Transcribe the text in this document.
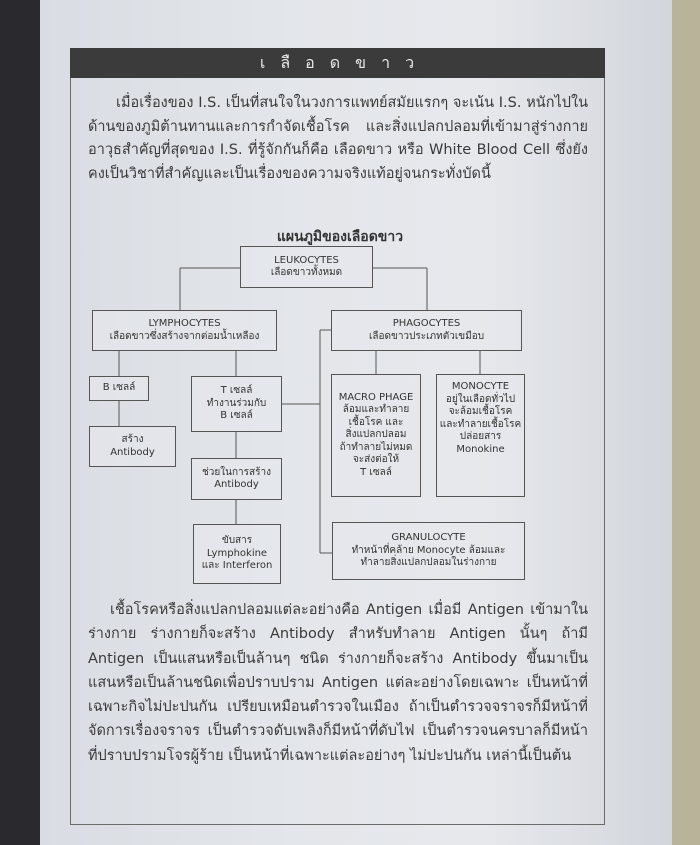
เลือดขาว
เมื่อเรื่องของ I.S. เป็นที่สนใจในวงการแพทย์สมัยแรกๆ จะเน้น I.S. หนักไปในด้านของภูมิต้านทานและการกำจัดเชื้อโรค และสิ่งแปลกปลอมที่เข้ามาสู่ร่างกาย อาวุธสำคัญที่สุดของ I.S. ที่รู้จักกันก็คือ เลือดขาว หรือ White Blood Cell ซึ่งยังคงเป็นวิชาที่สำคัญและเป็นเรื่องของความจริงแท้อยู่จนกระทั่งบัดนี้
แผนภูมิของเลือดขาว
LEUKOCYTES
เลือดขาวทั้งหมด
LYMPHOCYTES
เลือดขาวซึ่งสร้างจากต่อมน้ำเหลือง
PHAGOCYTES
เลือดขาวประเภทตัวเขมือบ
B เซลล์
สร้าง
Antibody
T เซลล์
ทำงานร่วมกับ
B เซลล์
ช่วยในการสร้าง
Antibody
ขับสาร
Lymphokine
และ Interferon
MACRO PHAGE
ล้อมและทำลาย
เชื้อโรค และ
สิ่งแปลกปลอม
ถ้าทำลายไม่หมด
จะส่งต่อให้
T เซลล์
MONOCYTE
อยู่ในเลือดทั่วไป
จะล้อมเชื้อโรค
และทำลายเชื้อโรค
ปล่อยสาร
Monokine
GRANULOCYTE
ทำหน้าที่คล้าย Monocyte ล้อมและ
ทำลายสิ่งแปลกปลอมในร่างกาย
เชื้อโรคหรือสิ่งแปลกปลอมแต่ละอย่างคือ Antigen เมื่อมี Antigen เข้ามาในร่างกาย ร่างกายก็จะสร้าง Antibody สำหรับทำลาย Antigen นั้นๆ ถ้ามี Antigen เป็นแสนหรือเป็นล้านๆ ชนิด ร่างกายก็จะสร้าง Antibody ขึ้นมาเป็นแสนหรือเป็นล้านชนิดเพื่อปราบปราม Antigen แต่ละอย่างโดยเฉพาะ เป็นหน้าที่เฉพาะกิจไม่ปะปนกัน เปรียบเหมือนตำรวจในเมือง ถ้าเป็นตำรวจจราจรก็มีหน้าที่จัดการเรื่องจราจร เป็นตำรวจดับเพลิงก็มีหน้าที่ดับไฟ เป็นตำรวจนครบาลก็มีหน้าที่ปราบปรามโจรผู้ร้าย เป็นหน้าที่เฉพาะแต่ละอย่างๆ ไม่ปะปนกัน เหล่านี้เป็นต้น
